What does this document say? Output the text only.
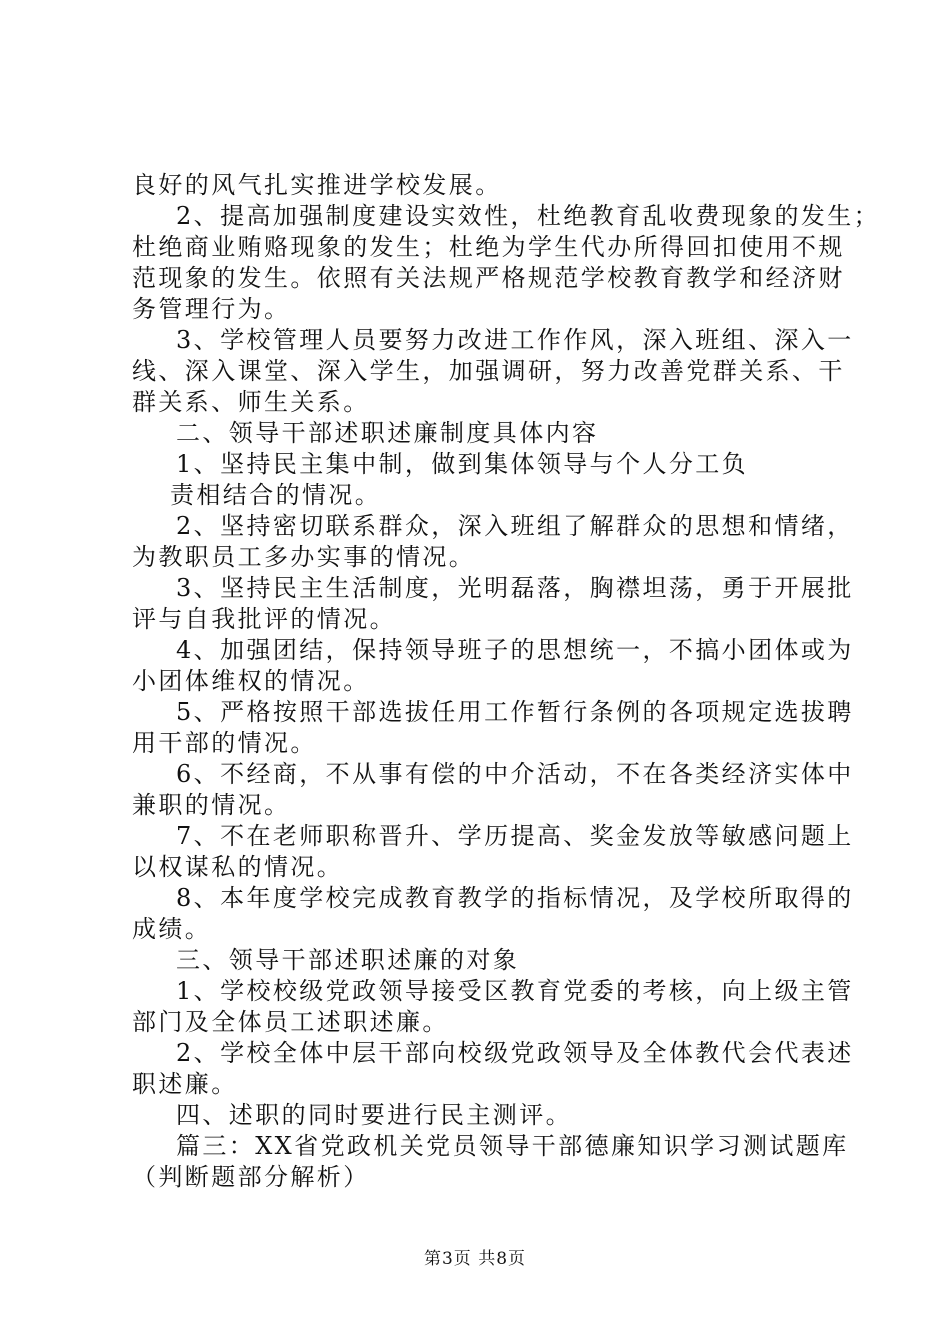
良好的风气扎实推进学校发展。

2、提高加强制度建设实效性，杜绝教育乱收费现象的发生；

杜绝商业贿赂现象的发生；杜绝为学生代办所得回扣使用不规

范现象的发生。依照有关法规严格规范学校教育教学和经济财

务管理行为。

3、学校管理人员要努力改进工作作风，深入班组、深入一

线、深入课堂、深入学生，加强调研，努力改善党群关系、干

群关系、师生关系。

二、领导干部述职述廉制度具体内容

1、坚持民主集中制，做到集体领导与个人分工负

责相结合的情况。

2、坚持密切联系群众，深入班组了解群众的思想和情绪，

为教职员工多办实事的情况。

3、坚持民主生活制度，光明磊落，胸襟坦荡，勇于开展批

评与自我批评的情况。

4、加强团结，保持领导班子的思想统一，不搞小团体或为

小团体维权的情况。

5、严格按照干部选拔任用工作暂行条例的各项规定选拔聘

用干部的情况。

6、不经商，不从事有偿的中介活动，不在各类经济实体中

兼职的情况。

7、不在老师职称晋升、学历提高、奖金发放等敏感问题上

以权谋私的情况。

8、本年度学校完成教育教学的指标情况，及学校所取得的

成绩。

三、领导干部述职述廉的对象

1、学校校级党政领导接受区教育党委的考核，向上级主管

部门及全体员工述职述廉。

2、学校全体中层干部向校级党政领导及全体教代会代表述

职述廉。

四、述职的同时要进行民主测评。

篇三：XX省党政机关党员领导干部德廉知识学习测试题库

（判断题部分解析）

第3页 共8页
